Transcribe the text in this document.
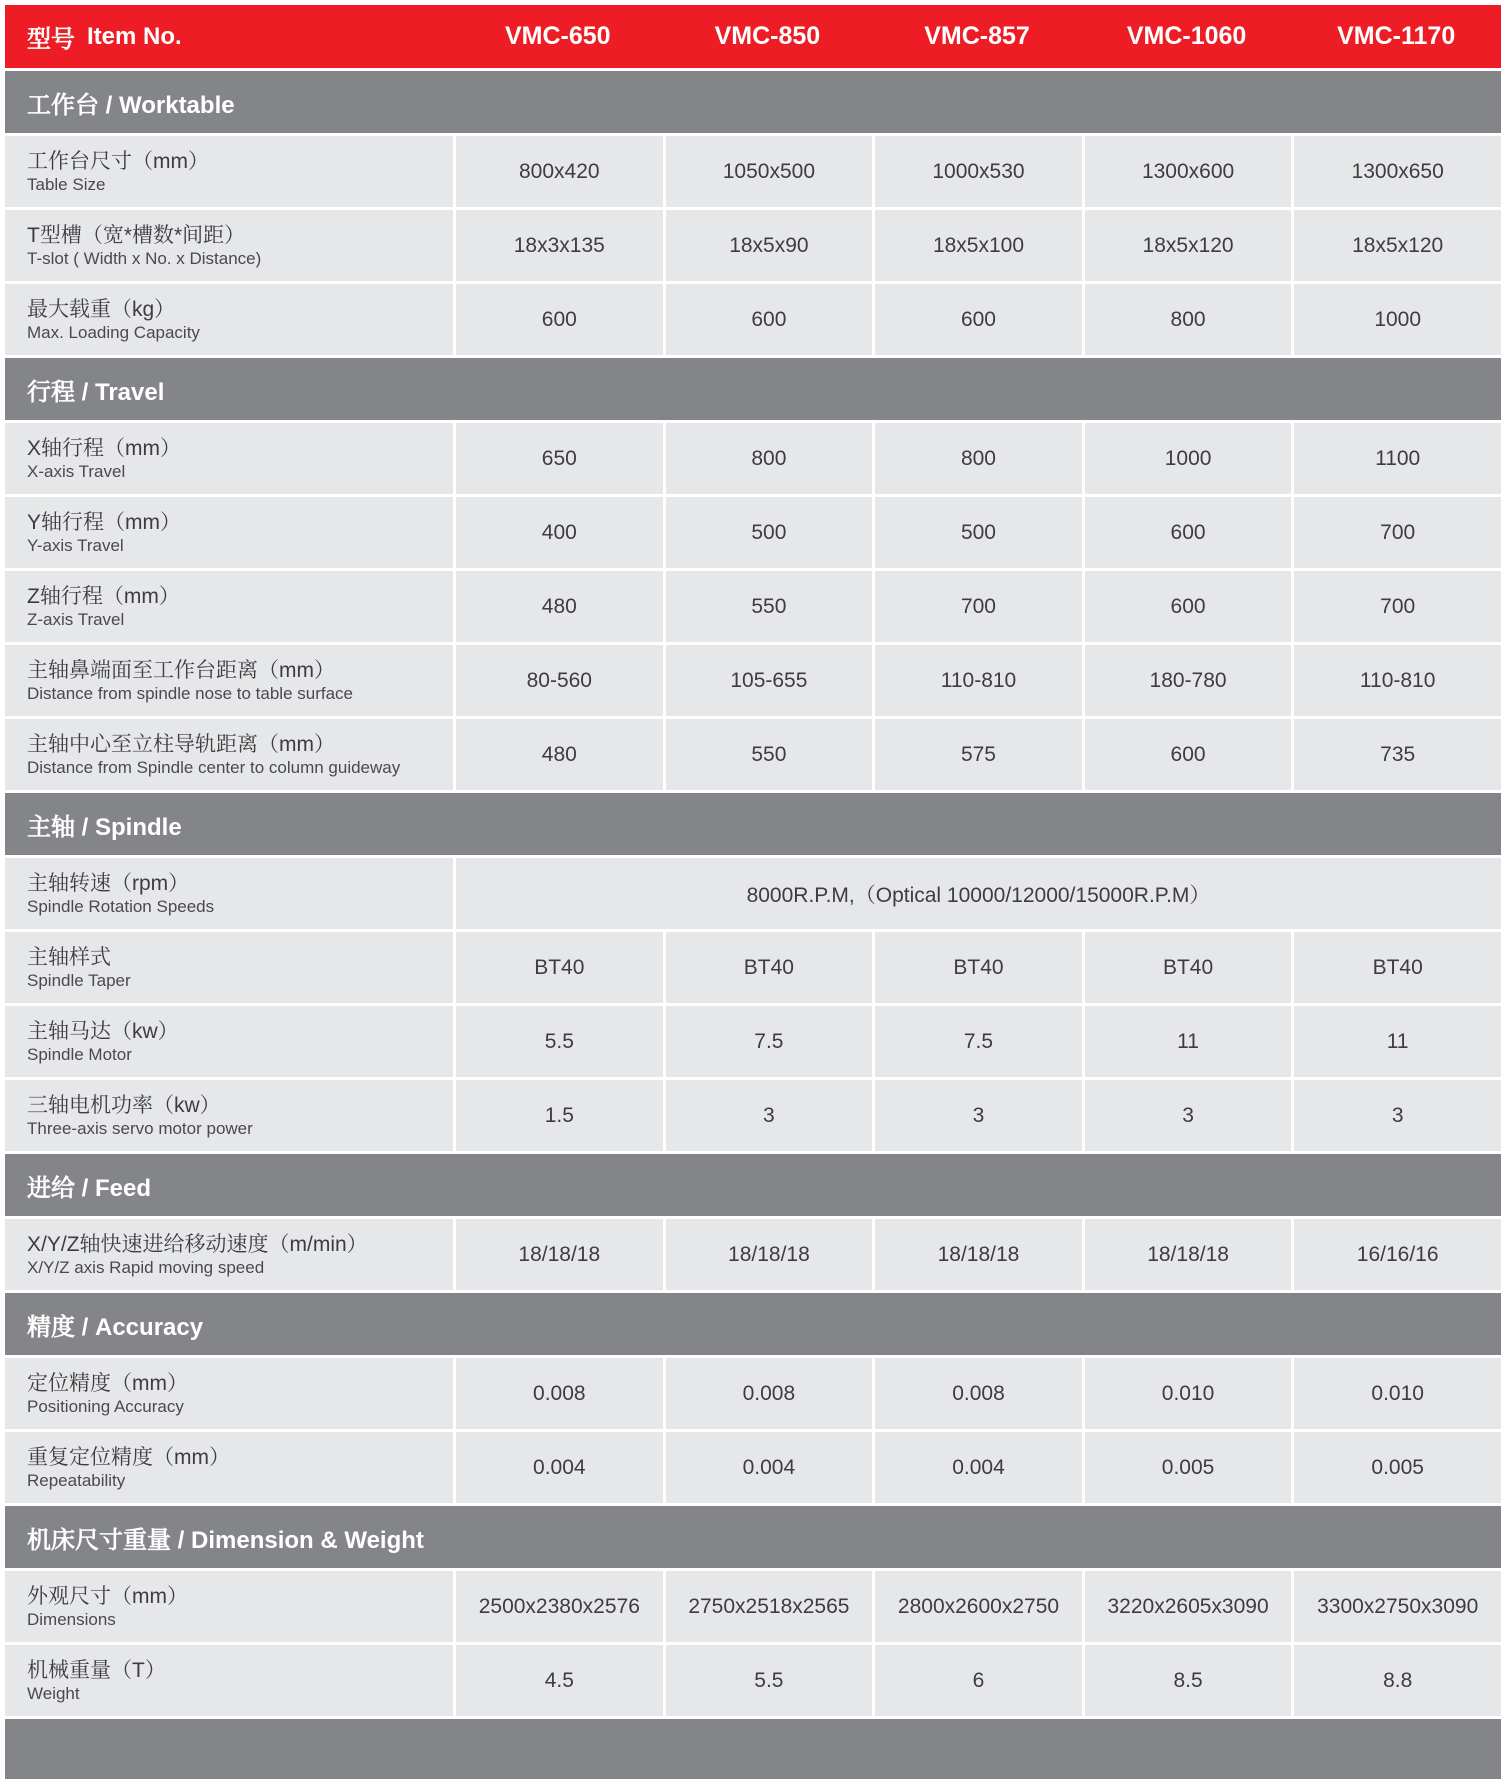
型号 Item No.	VMC-650	VMC-850	VMC-857	VMC-1060	VMC-1170
工作台 / Worktable
工作台尺寸（mm）
Table Size
800x420	1050x500	1000x530	1300x600	1300x650
T型槽（宽*槽数*间距）
T-slot ( Width x No. x Distance)
18x3x135	18x5x90	18x5x100	18x5x120	18x5x120
最大载重（kg）
Max. Loading Capacity
600	600	600	800	1000
行程 / Travel
X轴行程（mm）
X-axis Travel
650	800	800	1000	1100
Y轴行程（mm）
Y-axis Travel
400	500	500	600	700
Z轴行程（mm）
Z-axis Travel
480	550	700	600	700
主轴鼻端面至工作台距离（mm）
Distance from spindle nose to table surface
80-560	105-655	110-810	180-780	110-810
主轴中心至立柱导轨距离（mm）
Distance from Spindle center to column guideway
480	550	575	600	735
主轴 / Spindle
主轴转速（rpm）
Spindle Rotation Speeds	8000R.P.M,（Optical 10000/12000/15000R.P.M）
主轴样式
Spindle Taper
BT40	BT40	BT40	BT40	BT40
主轴马达（kw）
Spindle Motor
5.5	7.5	7.5	11	11
三轴电机功率（kw）
Three-axis servo motor power
1.5	3	3	3	3
进给 / Feed
X/Y/Z轴快速进给移动速度（m/min）
X/Y/Z axis Rapid moving speed
18/18/18	18/18/18	18/18/18	18/18/18	16/16/16
精度 / Accuracy
定位精度（mm）
Positioning Accuracy
0.008	0.008	0.008	0.010	0.010
重复定位精度（mm）
Repeatability
0.004	0.004	0.004	0.005	0.005
机床尺寸重量 / Dimension & Weight
外观尺寸（mm）
Dimensions
2500x2380x2576	2750x2518x2565	2800x2600x2750	3220x2605x3090	3300x2750x3090
机械重量（T）
Weight
4.5	5.5	6	8.5	8.8
